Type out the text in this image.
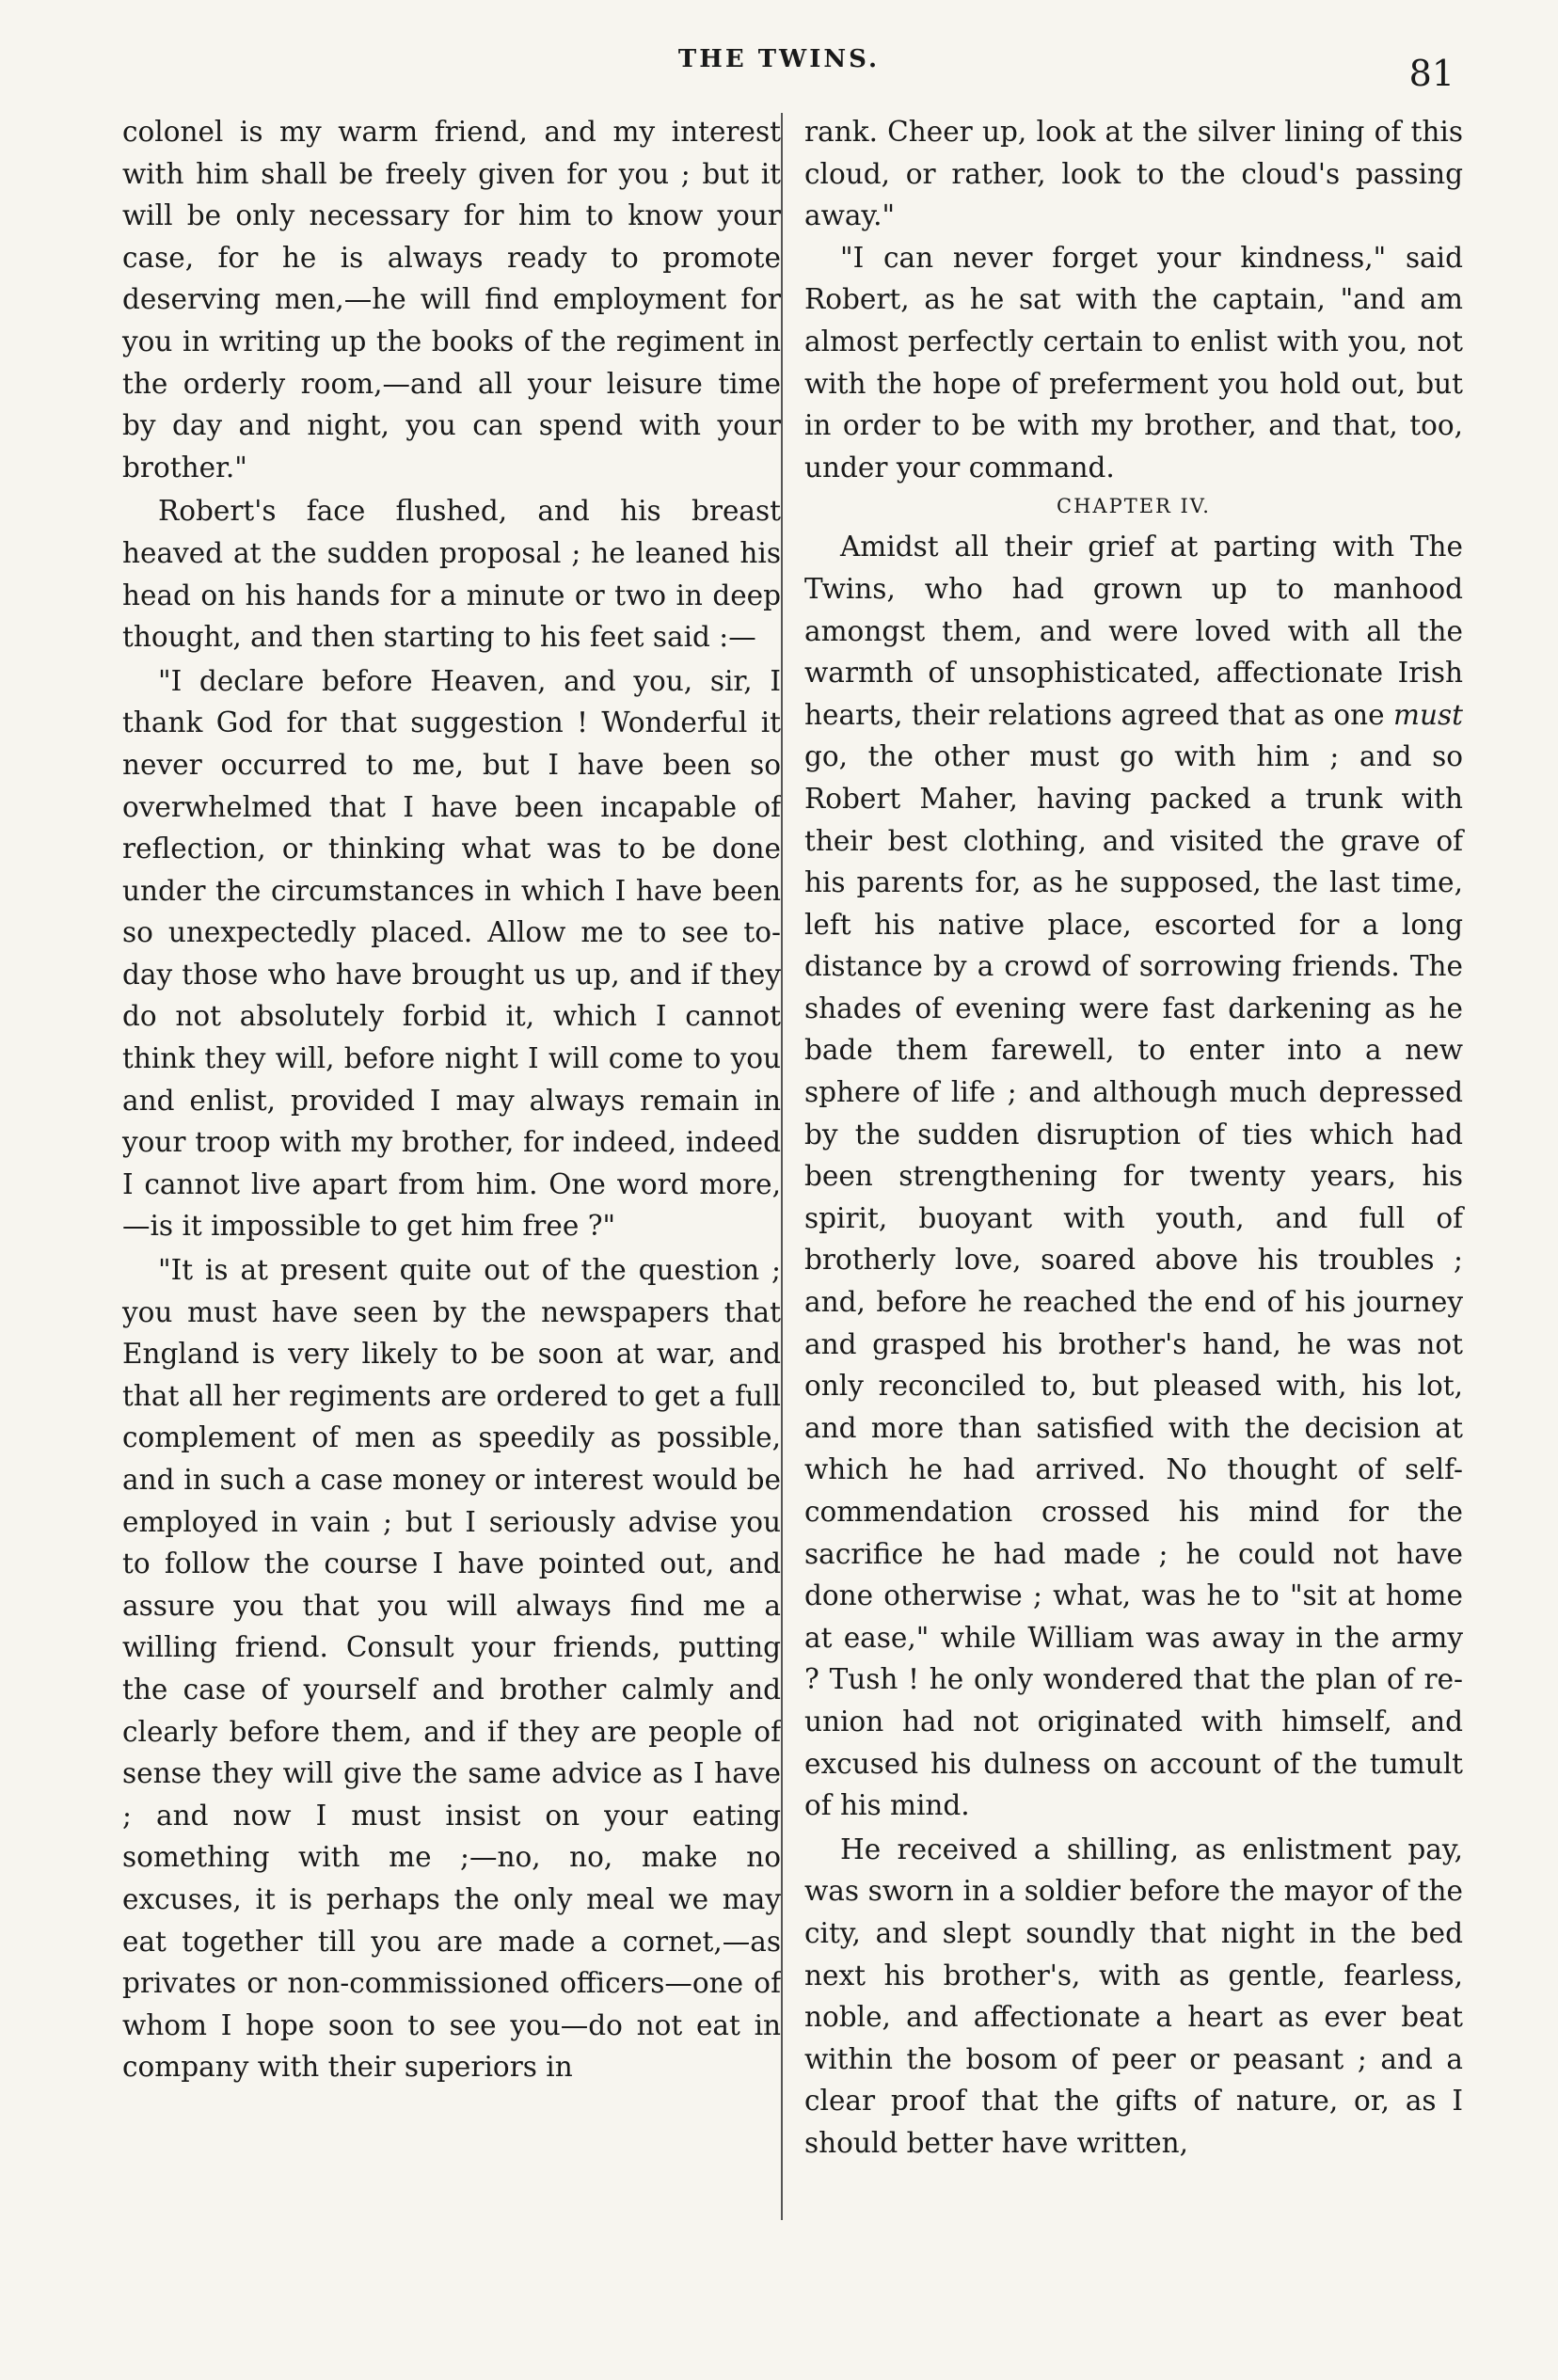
THE TWINS.	81

colonel is my warm friend, and my interest with him shall be freely given for you ; but it will be only necessary for him to know your case, for he is always ready to promote deserving men,—he will find employment for you in writing up the books of the regiment in the orderly room,—and all your leisure time by day and night, you can spend with your brother."

Robert's face flushed, and his breast heaved at the sudden proposal ; he leaned his head on his hands for a minute or two in deep thought, and then starting to his feet said :—

"I declare before Heaven, and you, sir, I thank God for that suggestion ! Wonderful it never occurred to me, but I have been so overwhelmed that I have been incapable of reflection, or thinking what was to be done under the circumstances in which I have been so unexpectedly placed. Allow me to see to-day those who have brought us up, and if they do not absolutely forbid it, which I cannot think they will, before night I will come to you and enlist, provided I may always remain in your troop with my brother, for indeed, indeed I cannot live apart from him. One word more,—is it impossible to get him free ?"

"It is at present quite out of the question ; you must have seen by the newspapers that England is very likely to be soon at war, and that all her regiments are ordered to get a full complement of men as speedily as possible, and in such a case money or interest would be employed in vain ; but I seriously advise you to follow the course I have pointed out, and assure you that you will always find me a willing friend. Consult your friends, putting the case of yourself and brother calmly and clearly before them, and if they are people of sense they will give the same advice as I have ; and now I must insist on your eating something with me ;—no, no, make no excuses, it is perhaps the only meal we may eat together till you are made a cornet,—as privates or non-commissioned officers—one of whom I hope soon to see you—do not eat in company with their superiors in

rank. Cheer up, look at the silver lining of this cloud, or rather, look to the cloud's passing away."

"I can never forget your kindness," said Robert, as he sat with the captain, "and am almost perfectly certain to enlist with you, not with the hope of preferment you hold out, but in order to be with my brother, and that, too, under your command.

CHAPTER IV.

Amidst all their grief at parting with The Twins, who had grown up to manhood amongst them, and were loved with all the warmth of unsophisticated, affectionate Irish hearts, their relations agreed that as one must go, the other must go with him ; and so Robert Maher, having packed a trunk with their best clothing, and visited the grave of his parents for, as he supposed, the last time, left his native place, escorted for a long distance by a crowd of sorrowing friends. The shades of evening were fast darkening as he bade them farewell, to enter into a new sphere of life ; and although much depressed by the sudden disruption of ties which had been strengthening for twenty years, his spirit, buoyant with youth, and full of brotherly love, soared above his troubles ; and, before he reached the end of his journey and grasped his brother's hand, he was not only reconciled to, but pleased with, his lot, and more than satisfied with the decision at which he had arrived. No thought of self-commendation crossed his mind for the sacrifice he had made ; he could not have done otherwise ; what, was he to "sit at home at ease," while William was away in the army ? Tush ! he only wondered that the plan of re-union had not originated with himself, and excused his dulness on account of the tumult of his mind.

He received a shilling, as enlistment pay, was sworn in a soldier before the mayor of the city, and slept soundly that night in the bed next his brother's, with as gentle, fearless, noble, and affectionate a heart as ever beat within the bosom of peer or peasant ; and a clear proof that the gifts of nature, or, as I should better have written,
